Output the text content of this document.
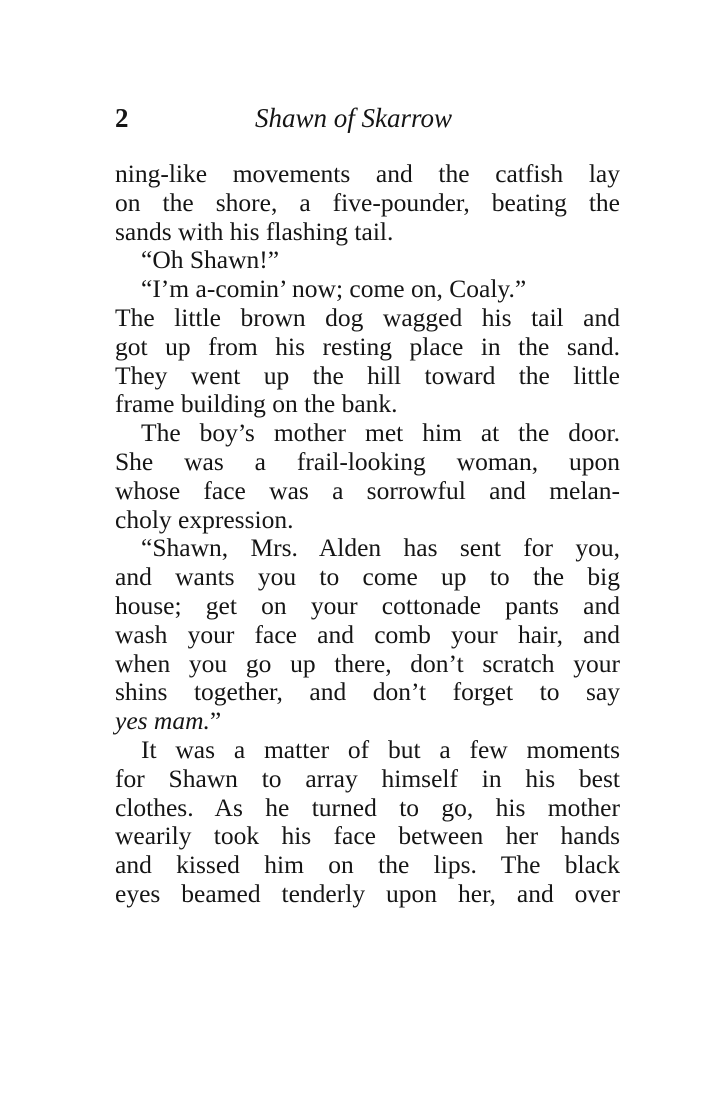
2	Shawn of Skarrow

ning-like movements and the catfish lay
on the shore, a five-pounder, beating the
sands with his flashing tail.

“Oh Shawn!”

“I’m a-comin’ now; come on, Coaly.”
The little brown dog wagged his tail and
got up from his resting place in the sand.
They went up the hill toward the little
frame building on the bank.

The boy’s mother met him at the door.
She was a frail-looking woman, upon
whose face was a sorrowful and melan-
choly expression.

“Shawn, Mrs. Alden has sent for you,
and wants you to come up to the big
house; get on your cottonade pants and
wash your face and comb your hair, and
when you go up there, don’t scratch your
shins together, and don’t forget to say
yes mam.”

It was a matter of but a few moments
for Shawn to array himself in his best
clothes. As he turned to go, his mother
wearily took his face between her hands
and kissed him on the lips. The black
eyes beamed tenderly upon her, and over
